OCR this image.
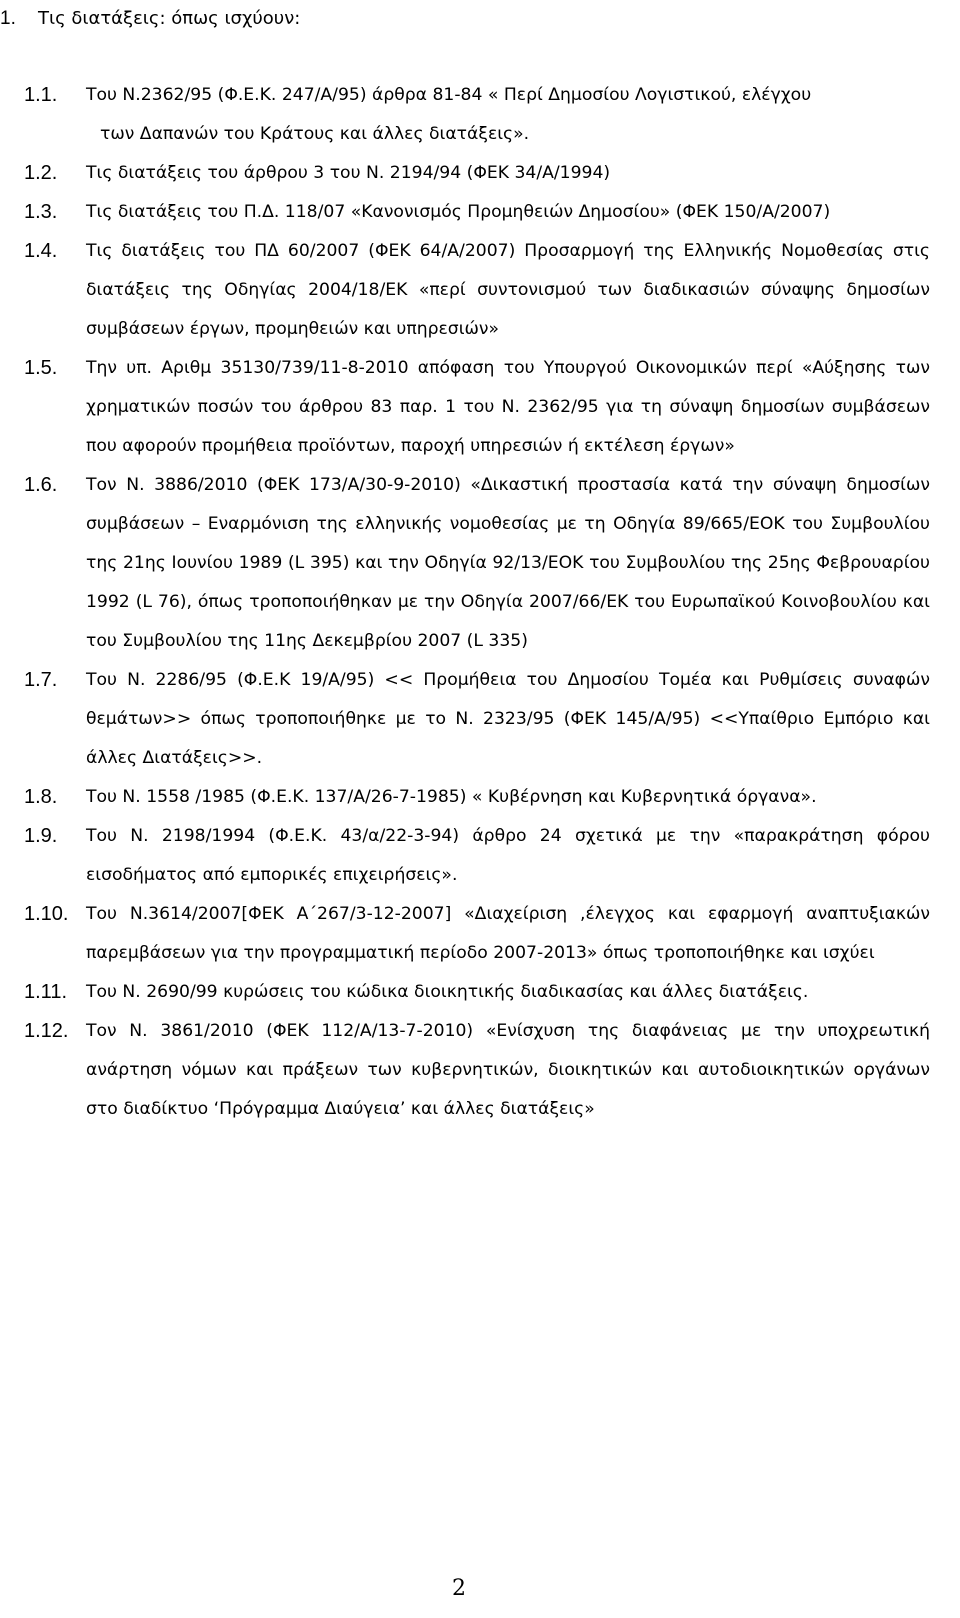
1. Τις διατάξεις: όπως ισχύουν:
1.1. Του Ν.2362/95 (Φ.Ε.Κ. 247/Α/95) άρθρα 81-84 « Περί Δημοσίου Λογιστικού, ελέγχου
των Δαπανών του Κράτους και άλλες διατάξεις».
1.2. Τις διατάξεις του άρθρου 3 του Ν. 2194/94 (ΦΕΚ 34/Α/1994)
1.3. Τις διατάξεις του Π.Δ. 118/07 «Κανονισμός Προμηθειών Δημοσίου» (ΦΕΚ 150/Α/2007)
1.4. Τις διατάξεις του ΠΔ 60/2007 (ΦΕΚ 64/Α/2007) Προσαρμογή της Ελληνικής Νομοθεσίας στις διατάξεις της Οδηγίας 2004/18/ΕΚ «περί συντονισμού των διαδικασιών σύναψης δημοσίων συμβάσεων έργων, προμηθειών και υπηρεσιών»
1.5. Την υπ. Αριθμ 35130/739/11-8-2010 απόφαση του Υπουργού Οικονομικών περί «Αύξησης των χρηματικών ποσών του άρθρου 83 παρ. 1 του Ν. 2362/95 για τη σύναψη δημοσίων συμβάσεων που αφορούν προμήθεια προϊόντων, παροχή υπηρεσιών ή εκτέλεση έργων»
1.6. Τον Ν. 3886/2010 (ΦΕΚ 173/Α/30-9-2010) «Δικαστική προστασία κατά την σύναψη δημοσίων συμβάσεων – Εναρμόνιση της ελληνικής νομοθεσίας με τη Οδηγία 89/665/ΕΟΚ του Συμβουλίου της 21ης Ιουνίου 1989 (L 395) και την Οδηγία 92/13/ΕΟΚ του Συμβουλίου της 25ης Φεβρουαρίου 1992 (L 76), όπως τροποποιήθηκαν με την Οδηγία 2007/66/ΕΚ του Ευρωπαϊκού Κοινοβουλίου και του Συμβουλίου της 11ης Δεκεμβρίου 2007 (L 335)
1.7. Του Ν. 2286/95 (Φ.Ε.Κ 19/Α/95) << Προμήθεια του Δημοσίου Τομέα και Ρυθμίσεις συναφών θεμάτων>> όπως τροποποιήθηκε με το Ν. 2323/95 (ΦΕΚ 145/Α/95) <<Υπαίθριο Εμπόριο και άλλες Διατάξεις>>.
1.8. Του Ν. 1558 /1985 (Φ.Ε.Κ. 137/Α/26-7-1985) « Κυβέρνηση και Κυβερνητικά όργανα».
1.9. Του Ν. 2198/1994 (Φ.Ε.Κ. 43/α/22-3-94) άρθρο 24 σχετικά με την «παρακράτηση φόρου εισοδήματος από εμπορικές επιχειρήσεις».
1.10. Του Ν.3614/2007[ΦΕΚ Α΄267/3-12-2007] «Διαχείριση ,έλεγχος και εφαρμογή αναπτυξιακών παρεμβάσεων για την προγραμματική περίοδο 2007-2013» όπως τροποποιήθηκε και ισχύει
1.11. Του Ν. 2690/99 κυρώσεις του κώδικα διοικητικής διαδικασίας και άλλες διατάξεις.
1.12. Τον Ν. 3861/2010 (ΦΕΚ 112/Α/13-7-2010) «Ενίσχυση της διαφάνειας με την υποχρεωτική ανάρτηση νόμων και πράξεων των κυβερνητικών, διοικητικών και αυτοδιοικητικών οργάνων στο διαδίκτυο ‘Πρόγραμμα Διαύγεια’ και άλλες διατάξεις»
2
